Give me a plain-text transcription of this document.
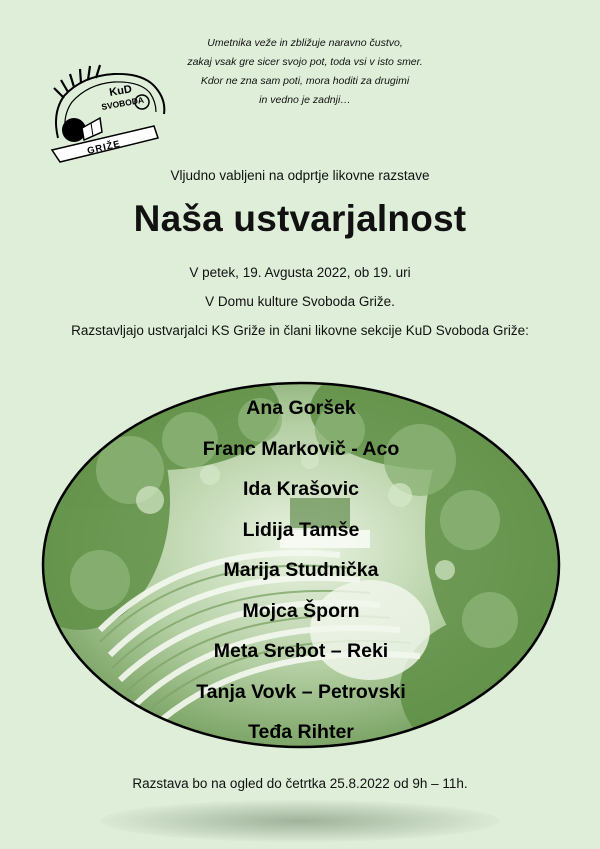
Umetnika veže in zbližuje naravno čustvo,
zakaj vsak gre sicer svojo pot, toda vsi v isto smer.
Kdor ne zna sam poti, mora hoditi za drugimi
in vedno je zadnji…
KuD
SVOBODA
GRIŽE
Vljudno vabljeni na odprtje likovne razstave
Naša ustvarjalnost
V petek, 19. Avgusta 2022, ob 19. uri
V Domu kulture Svoboda Griže.
Razstavljajo ustvarjalci KS Griže in člani likovne sekcije KuD Svoboda Griže:
Ana Goršek
Franc Markovič - Aco
Ida Krašovic
Lidija Tamše
Marija Studnička
Mojca Šporn
Meta Srebot – Reki
Tanja Vovk – Petrovski
Teđa Rihter
Razstava bo na ogled do četrtka 25.8.2022 od 9h – 11h.
